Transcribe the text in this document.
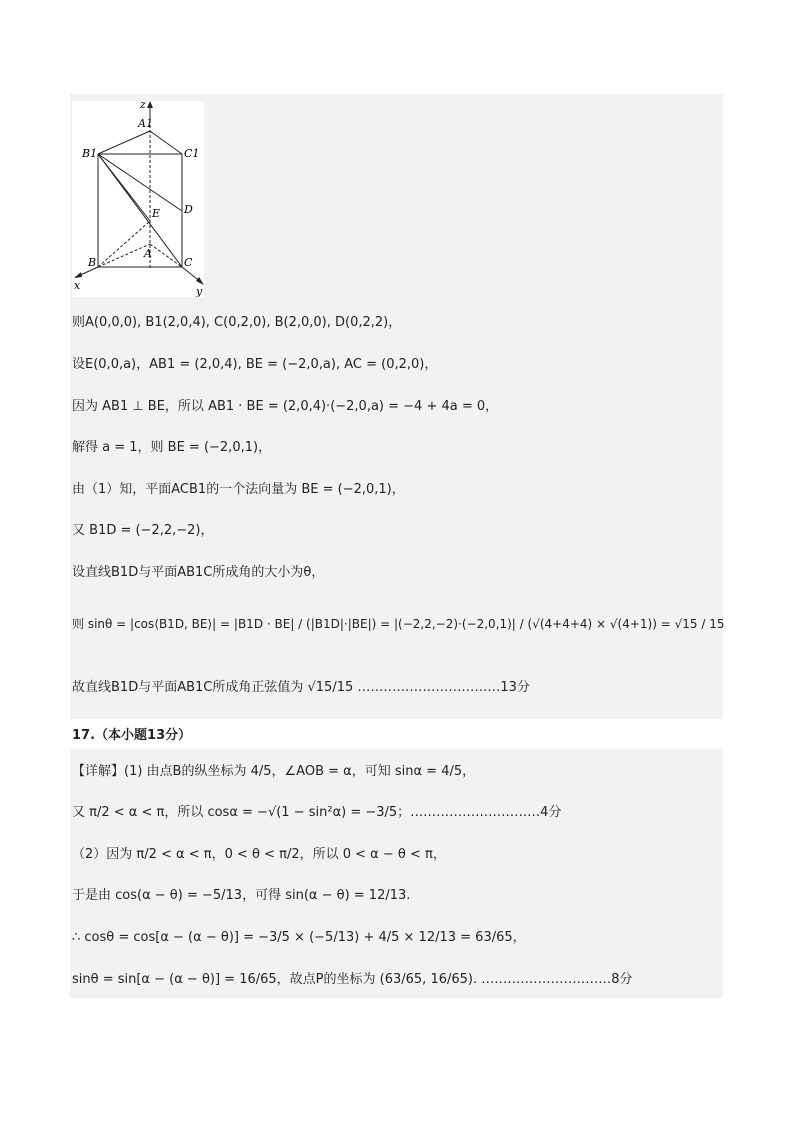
z
A1
B1	C1
D
E
A
B	C
x	y
则A(0,0,0), B1(2,0,4), C(0,2,0), B(2,0,0), D(0,2,2)，
设E(0,0,a)，AB1 = (2,0,4), BE = (−2,0,a), AC = (0,2,0)，
因为 AB1 ⊥ BE，所以 AB1 · BE = (2,0,4)·(−2,0,a) = −4 + 4a = 0，
解得 a = 1，则 BE = (−2,0,1)，
由（1）知，平面ACB1的一个法向量为 BE = (−2,0,1)，
又 B1D = (−2,2,−2)，
设直线B1D与平面AB1C所成角的大小为θ，
则 sinθ = |cos⟨B1D, BE⟩| = |B1D · BE| / (|B1D|·|BE|) = |(−2,2,−2)·(−2,0,1)| / (√(4+4+4) × √(4+1)) = √15 / 15
故直线B1D与平面AB1C所成角正弦值为 √15/15 ……………………………13分
17.（本小题13分）
【详解】(1) 由点B的纵坐标为 4/5，∠AOB = α，可知 sinα = 4/5，
又 π/2 < α < π，所以 cosα = −√(1 − sin²α) = −3/5；…………………………4分
（2）因为 π/2 < α < π，0 < θ < π/2，所以 0 < α − θ < π，
于是由 cos(α − θ) = −5/13，可得 sin(α − θ) = 12/13.
∴ cosθ = cos[α − (α − θ)] = −3/5 × (−5/13) + 4/5 × 12/13 = 63/65，
sinθ = sin[α − (α − θ)] = 16/65，故点P的坐标为 (63/65, 16/65). …………………………8分
